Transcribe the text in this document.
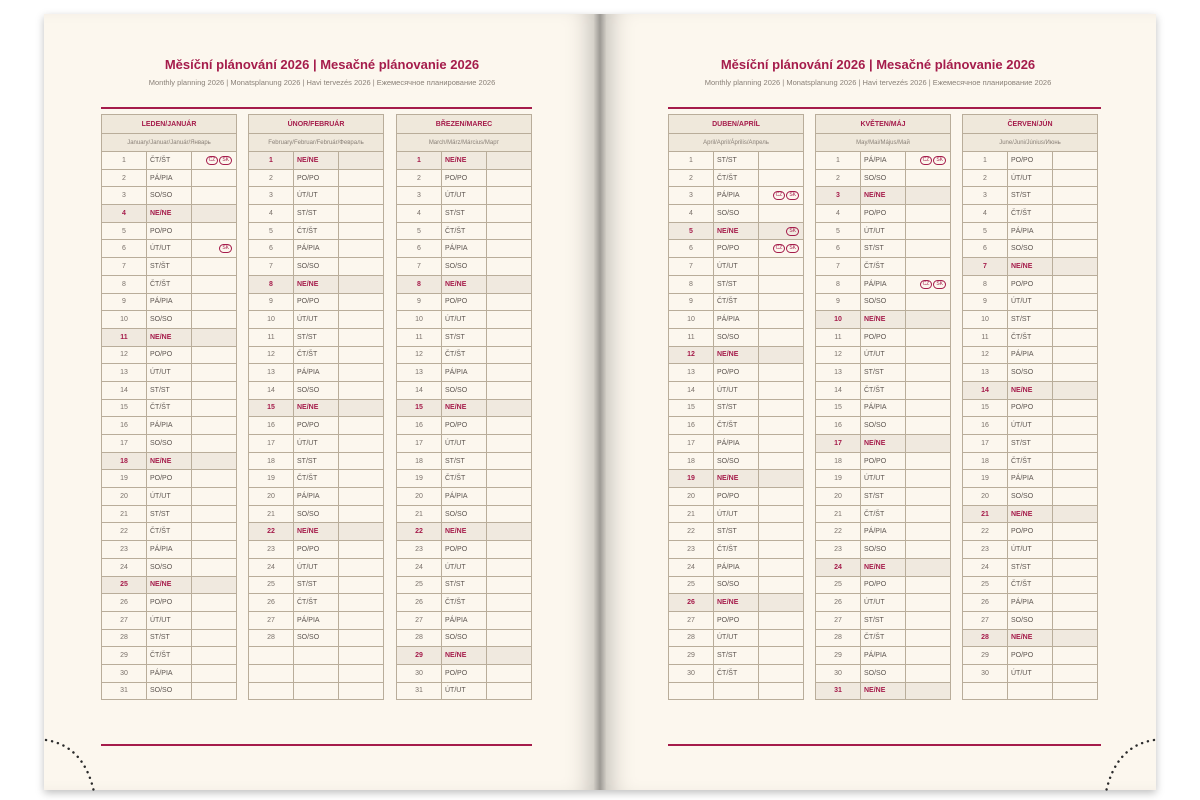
Měsíční plánování 2026 | Mesačné plánovanie 2026
Monthly planning 2026 | Monatsplanung 2026 | Havi tervezés 2026 | Ежемесячное планирование 2026
LEDEN/JANUÁR		
January/Januar/Január/Январь		
1	ČT/ŠT	CZ SK

2	PÁ/PIA	
3	SO/SO	
4	NE/NE	
5	PO/PO	
6	ÚT/UT	SK

7	ST/ŠT	
8	ČT/ŠT	
9	PÁ/PIA	
10	SO/SO	
11	NE/NE	
12	PO/PO	
13	ÚT/UT	
14	ST/ST	
15	ČT/ŠT	
16	PÁ/PIA	
17	SO/SO	
18	NE/NE	
19	PO/PO	
20	ÚT/UT	
21	ST/ST	
22	ČT/ŠT	
23	PÁ/PIA	
24	SO/SO	
25	NE/NE	
26	PO/PO	
27	ÚT/UT	
28	ST/ST	
29	ČT/ŠT	
30	PÁ/PIA	
31	SO/SO	
ÚNOR/FEBRUÁR		
February/Februar/Február/Февраль		
1	NE/NE	
2	PO/PO	
3	ÚT/UT	
4	ST/ST	
5	ČT/ŠT	
6	PÁ/PIA	
7	SO/SO	
8	NE/NE	
9	PO/PO	
10	ÚT/UT	
11	ST/ST	
12	ČT/ŠT	
13	PÁ/PIA	
14	SO/SO	
15	NE/NE	
16	PO/PO	
17	ÚT/UT	
18	ST/ST	
19	ČT/ŠT	
20	PÁ/PIA	
21	SO/SO	
22	NE/NE	
23	PO/PO	
24	ÚT/UT	
25	ST/ST	
26	ČT/ŠT	
27	PÁ/PIA	
28	SO/SO	

BŘEZEN/MAREC		
March/März/Március/Март		
1	NE/NE	
2	PO/PO	
3	ÚT/UT	
4	ST/ST	
5	ČT/ŠT	
6	PÁ/PIA	
7	SO/SO	
8	NE/NE	
9	PO/PO	
10	ÚT/UT	
11	ST/ST	
12	ČT/ŠT	
13	PÁ/PIA	
14	SO/SO	
15	NE/NE	
16	PO/PO	
17	ÚT/UT	
18	ST/ST	
19	ČT/ŠT	
20	PÁ/PIA	
21	SO/SO	
22	NE/NE	
23	PO/PO	
24	ÚT/UT	
25	ST/ST	
26	ČT/ŠT	
27	PÁ/PIA	
28	SO/SO	
29	NE/NE	
30	PO/PO	
31	ÚT/UT	
Měsíční plánování 2026 | Mesačné plánovanie 2026
Monthly planning 2026 | Monatsplanung 2026 | Havi tervezés 2026 | Ежемесячное планирование 2026
DUBEN/APRÍL		
April/April/Április/Апрель		
1	ST/ST	
2	ČT/ŠT	
3	PÁ/PIA	CZ SK

4	SO/SO	
5	NE/NE	SK

6	PO/PO	CZ SK

7	ÚT/UT	
8	ST/ST	
9	ČT/ŠT	
10	PÁ/PIA	
11	SO/SO	
12	NE/NE	
13	PO/PO	
14	ÚT/UT	
15	ST/ST	
16	ČT/ŠT	
17	PÁ/PIA	
18	SO/SO	
19	NE/NE	
20	PO/PO	
21	ÚT/UT	
22	ST/ST	
23	ČT/ŠT	
24	PÁ/PIA	
25	SO/SO	
26	NE/NE	
27	PO/PO	
28	ÚT/UT	
29	ST/ST	
30	ČT/ŠT	

KVĚTEN/MÁJ		
May/Mai/Május/Май		
1	PÁ/PIA	CZ SK

2	SO/SO	
3	NE/NE	
4	PO/PO	
5	ÚT/UT	
6	ST/ST	
7	ČT/ŠT	
8	PÁ/PIA	CZ SK

9	SO/SO	
10	NE/NE	
11	PO/PO	
12	ÚT/UT	
13	ST/ST	
14	ČT/ŠT	
15	PÁ/PIA	
16	SO/SO	
17	NE/NE	
18	PO/PO	
19	ÚT/UT	
20	ST/ST	
21	ČT/ŠT	
22	PÁ/PIA	
23	SO/SO	
24	NE/NE	
25	PO/PO	
26	ÚT/UT	
27	ST/ST	
28	ČT/ŠT	
29	PÁ/PIA	
30	SO/SO	
31	NE/NE	
ČERVEN/JÚN		
June/Juni/Június/Июнь		
1	PO/PO	
2	ÚT/UT	
3	ST/ST	
4	ČT/ŠT	
5	PÁ/PIA	
6	SO/SO	
7	NE/NE	
8	PO/PO	
9	ÚT/UT	
10	ST/ST	
11	ČT/ŠT	
12	PÁ/PIA	
13	SO/SO	
14	NE/NE	
15	PO/PO	
16	ÚT/UT	
17	ST/ST	
18	ČT/ŠT	
19	PÁ/PIA	
20	SO/SO	
21	NE/NE	
22	PO/PO	
23	ÚT/UT	
24	ST/ST	
25	ČT/ŠT	
26	PÁ/PIA	
27	SO/SO	
28	NE/NE	
29	PO/PO	
30	ÚT/UT	
